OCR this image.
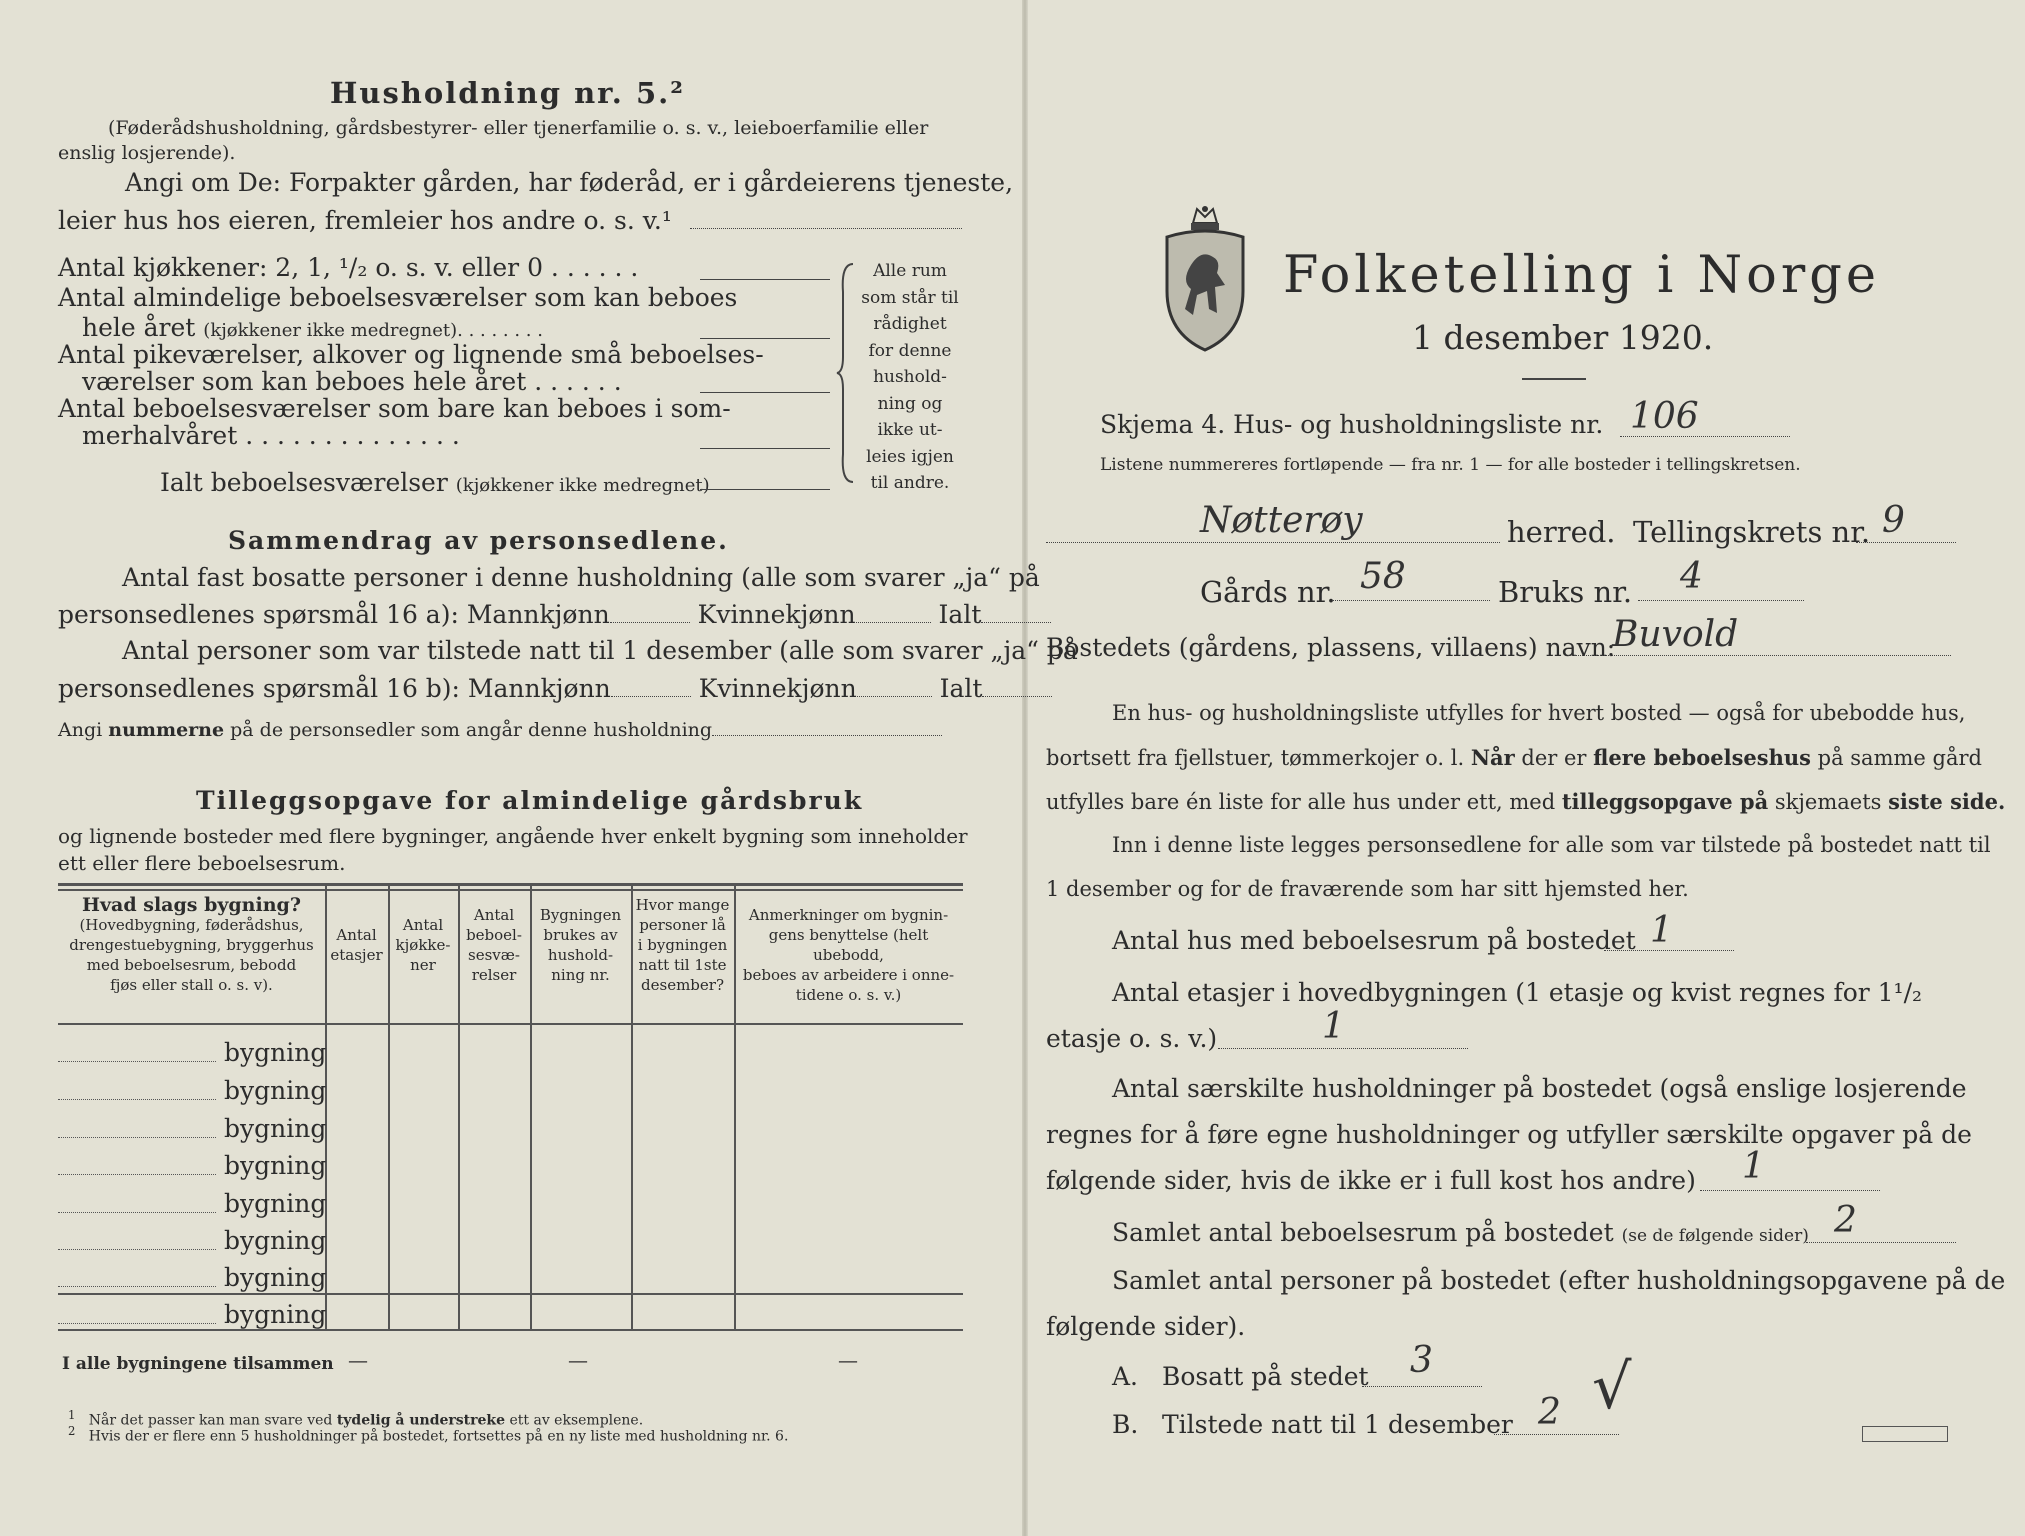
Husholdning nr. 5.²
(Føderådshusholdning, gårdsbestyrer- eller tjenerfamilie o. s. v., leieboerfamilie eller enslig losjerende).
Angi om De: Forpakter gården, har føderåd, er i gårdeierens tjeneste,
leier hus hos eieren, fremleier hos andre o. s. v.¹
Antal kjøkkener: 2, 1, ¹/₂ o. s. v. eller 0 . . . . . .
Antal almindelige beboelsesværelser som kan beboes
hele året (kjøkkener ikke medregnet). . . . . . . .
Antal pikeværelser, alkover og lignende små beboelses-
værelser som kan beboes hele året . . . . . .
Antal beboelsesværelser som bare kan beboes i som-
merhalvåret . . . . . . . . . . . . . .
Ialt beboelsesværelser (kjøkkener ikke medregnet)
Alle rum
som står til
rådighet
for denne
hushold-
ning og
ikke ut-
leies igjen
til andre.
Sammendrag av personsedlene.
Antal fast bosatte personer i denne husholdning (alle som svarer „ja“ på
personsedlenes spørsmål 16 a): Mannkjønn	Kvinnekjønn	Ialt
Antal personer som var tilstede natt til 1 desember (alle som svarer „ja“ på
personsedlenes spørsmål 16 b): Mannkjønn	Kvinnekjønn	Ialt
Angi nummerne på de personsedler som angår denne husholdning
Tilleggsopgave for almindelige gårdsbruk
og lignende bosteder med flere bygninger, angående hver enkelt bygning som inneholder
ett eller flere beboelsesrum.
Hvad slags bygning?
(Hovedbygning, føderådshus,
drengestuebygning, bryggerhus
med beboelsesrum, bebodd
fjøs eller stall o. s. v).
Antal
etasjer
Antal
kjøkke-
ner
Antal
beboel-
sesvæ-
relser
Bygningen
brukes av
hushold-
ning nr.
Hvor mange
personer lå
i bygningen
natt til 1ste
desember?
Anmerkninger om bygnin-
gens benyttelse (helt ubebodd,
beboes av arbeidere i onne-
tidene o. s. v.)
bygning
bygning
bygning
bygning
bygning
bygning
bygning
bygning
I alle bygningene tilsammen —	—	—
$^1$ Når det passer kan man svare ved tydelig å understreke ett av eksemplene.
$^2$ Hvis der er flere enn 5 husholdninger på bostedet, fortsettes på en ny liste med husholdning nr. 6.
Folketelling i Norge
1 desember 1920.
Skjema 4. Hus- og husholdningsliste nr. 106
Listene nummereres fortløpende — fra nr. 1 — for alle bosteder i tellingskretsen.
Nøtterøy	herred. Tellingskrets nr. 9
Gårds nr. 58	Bruks nr. 4
Bostedets (gårdens, plassens, villaens) navn:
Buvold
En hus- og husholdningsliste utfylles for hvert bosted — også for ubebodde hus,
bortsett fra fjellstuer, tømmerkojer o. l. Når der er flere beboelseshus på samme gård
utfylles bare én liste for alle hus under ett, med tilleggsopgave på skjemaets siste side.
Inn i denne liste legges personsedlene for alle som var tilstede på bostedet natt til
1 desember og for de fraværende som har sitt hjemsted her.
Antal hus med beboelsesrum på bostedet 1
Antal etasjer i hovedbygningen (1 etasje og kvist regnes for 1¹/₂
etasje o. s. v.)	1
Antal særskilte husholdninger på bostedet (også enslige losjerende
regnes for å føre egne husholdninger og utfyller særskilte opgaver på de
følgende sider, hvis de ikke er i full kost hos andre) 1
Samlet antal beboelsesrum på bostedet (se de følgende sider) 2
Samlet antal personer på bostedet (efter husholdningsopgavene på de
følgende sider).
A. Bosatt på stedet 3
B. Tilstede natt til 1 desember 2 √
